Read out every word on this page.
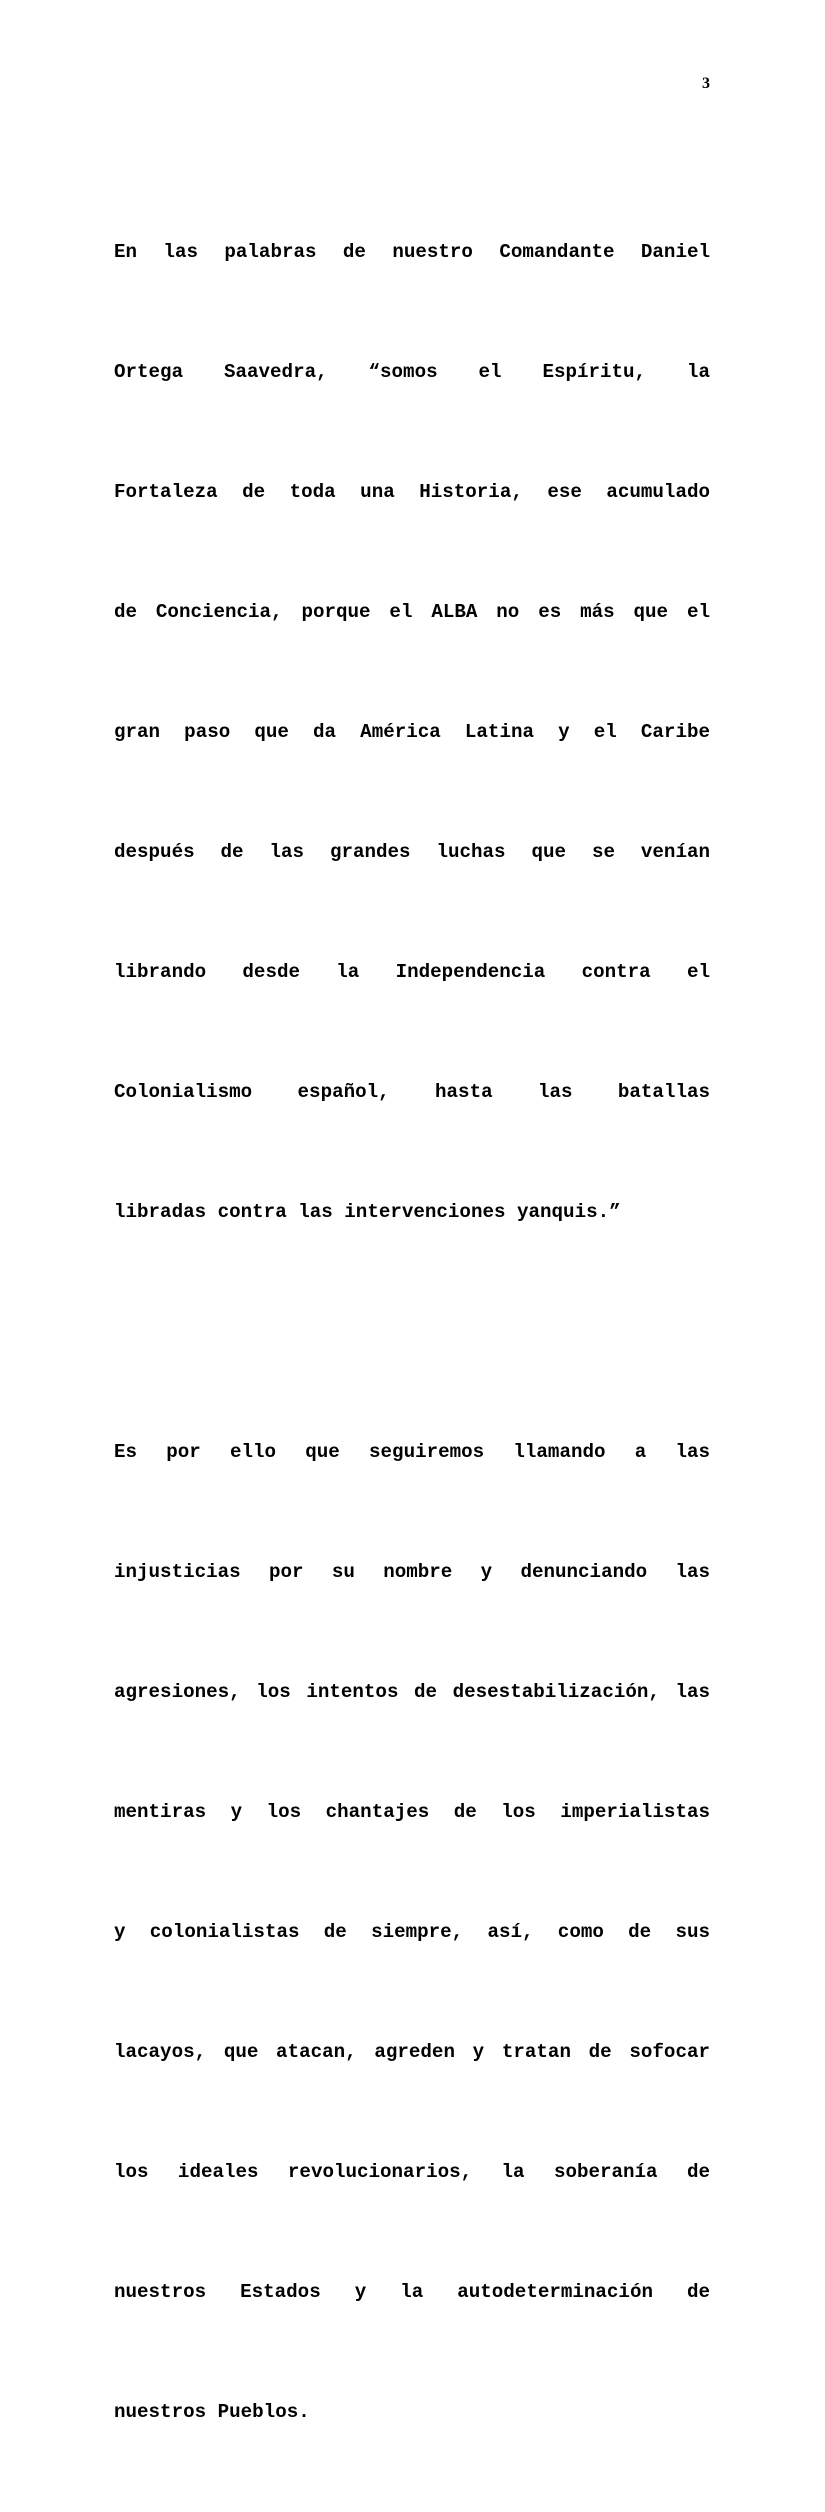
3

En las palabras de nuestro Comandante Daniel

Ortega Saavedra, “somos el Espíritu, la

Fortaleza de toda una Historia, ese acumulado

de Conciencia, porque el ALBA no es más que el

gran paso que da América Latina y el Caribe

después de las grandes luchas que se venían

librando desde la Independencia contra el

Colonialismo español, hasta las batallas

libradas contra las intervenciones yanquis.”

Es por ello que seguiremos llamando a las

injusticias por su nombre y denunciando las

agresiones, los intentos de desestabilización, las

mentiras y los chantajes de los imperialistas

y colonialistas de siempre, así, como de sus

lacayos, que atacan, agreden y tratan de sofocar

los ideales revolucionarios, la soberanía de

nuestros Estados y la autodeterminación de

nuestros Pueblos.
